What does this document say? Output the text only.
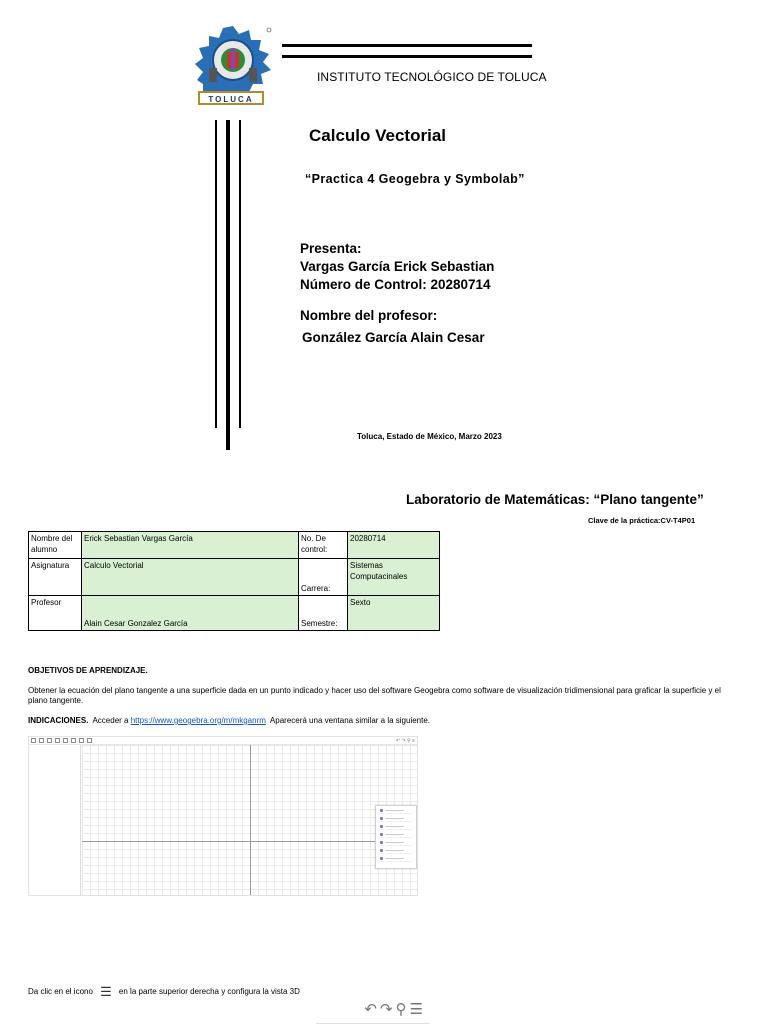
TOLUCA
INSTITUTO TECNOLÓGICO DE TOLUCA
Calculo Vectorial
“Practica 4 Geogebra y Symbolab”
Presenta:
Vargas García Erick Sebastian
Número de Control: 20280714
Nombre del profesor:
González García Alain Cesar
Toluca, Estado de México, Marzo 2023
Laboratorio de Matemáticas: “Plano tangente”
Clave de la práctica:CV-T4P01
Nombre del alumno	Erick Sebastian Vargas García	No. De control:	20280714
Asignatura	Calculo Vectorial	Carrera:	Sistemas Computacinales
Profesor	Alain Cesar Gonzalez García	Semestre:	Sexto
OBJETIVOS DE APRENDIZAJE.
Obtener la ecuación del plano tangente a una superficie dada en un punto indicado y hacer uso del software Geogebra como software de visualización tridimensional para graficar la superficie y el plano tangente.
INDICACIONES. Acceder a https://www.geogebra.org/m/mkganrm Aparecerá una ventana similar a la siguiente.
↶ ↷ ⚲ ≡
Da clic en el icono ☰ en la parte superior derecha y configura la vista 3D
↶↷⚲☰
